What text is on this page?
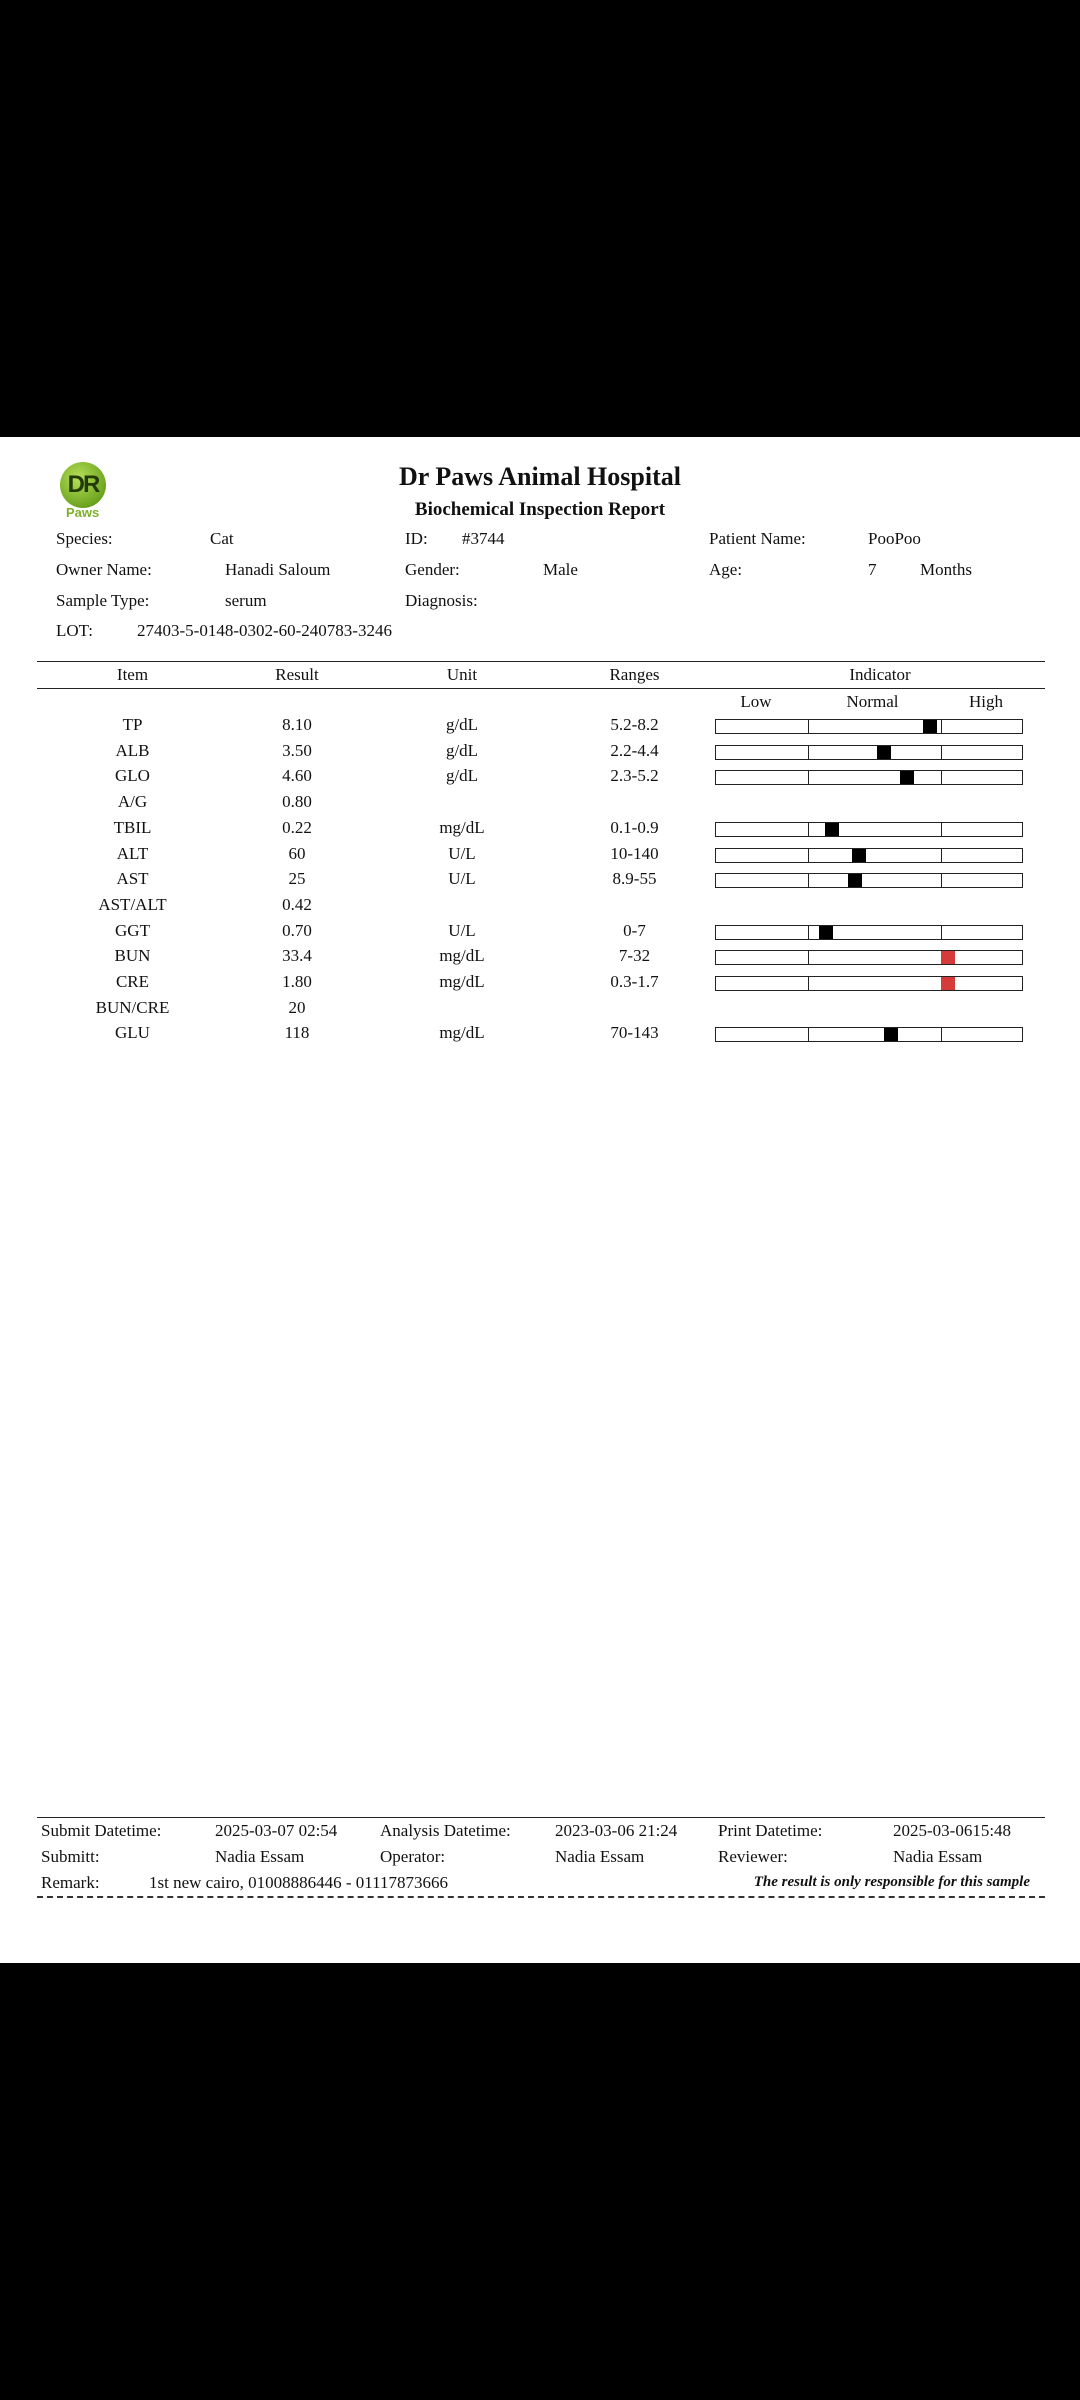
DR
Paws
Dr Paws Animal Hospital
Biochemical Inspection Report
Species:	Cat	ID: #3744	Patient Name:	PooPoo
Owner Name:	Hanadi Saloum	Gender:	Male	Age:	7	Months
Sample Type:	serum	Diagnosis:
LOT:	27403-5-0148-0302-60-240783-3246
Item	Result	Unit	Ranges	Indicator
Low	Normal	High
TP	8.10	g/dL	5.2-8.2
ALB	3.50	g/dL	2.2-4.4
GLO	4.60	g/dL	2.3-5.2
A/G	0.80
TBIL	0.22	mg/dL	0.1-0.9
ALT	60	U/L	10-140
AST	25	U/L	8.9-55
AST/ALT	0.42
GGT	0.70	U/L	0-7
BUN	33.4	mg/dL	7-32
CRE	1.80	mg/dL	0.3-1.7
BUN/CRE	20
GLU	118	mg/dL	70-143
Submit Datetime:	2025-03-07 02:54	Analysis Datetime:	2023-03-06 21:24 Print Datetime:	2025-03-0615:48
Submitt:	Nadia Essam	Operator:	Nadia Essam	Reviewer:	Nadia Essam
Remark:	1st new cairo, 01008886446 - 01117873666	The result is only responsible for this sample
